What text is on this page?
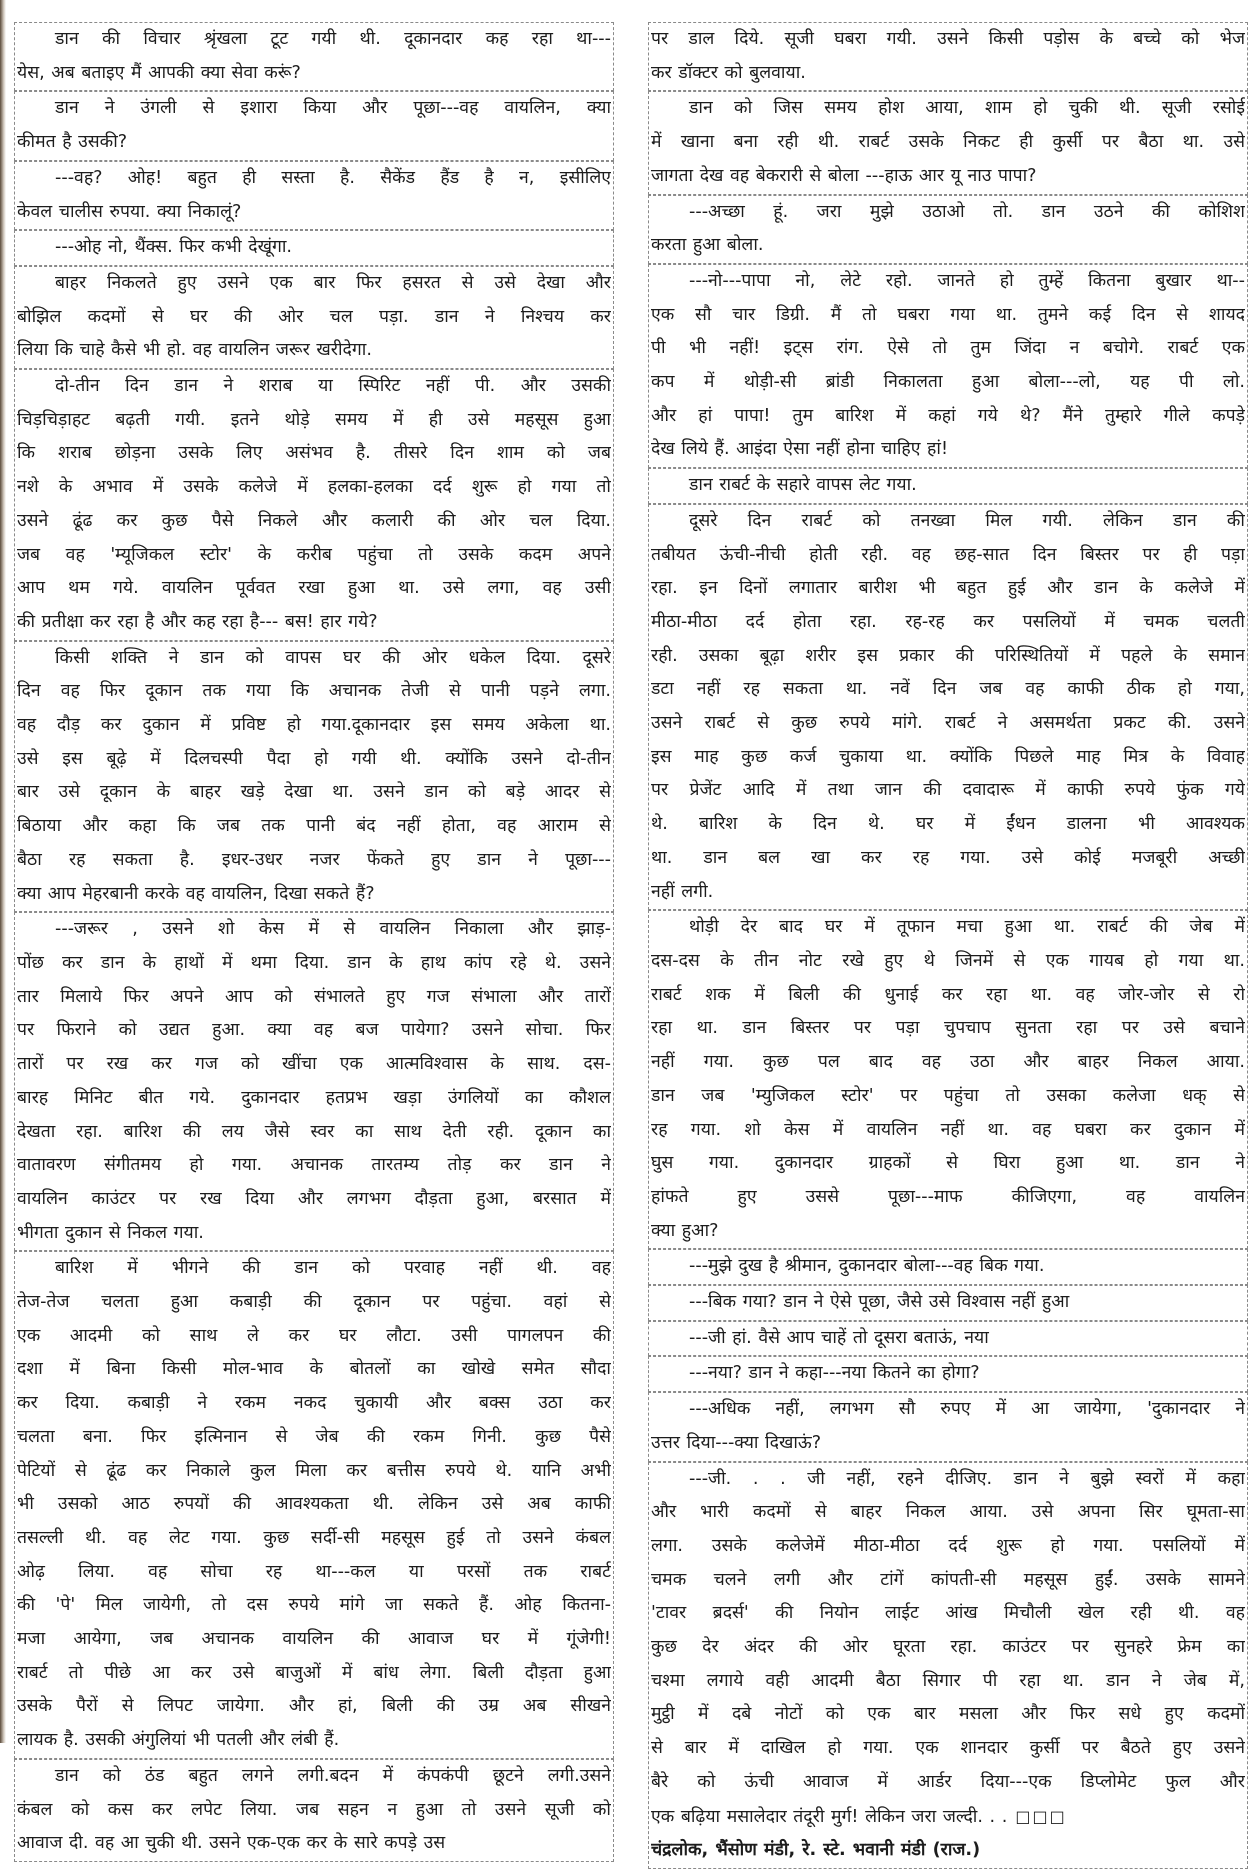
डान की विचार श्रृंखला टूट गयी थी. दूकानदार कह रहा था---
येस, अब बताइए मैं आपकी क्या सेवा करूं?
डान ने उंगली से इशारा किया और पूछा---वह वायलिन, क्या
कीमत है उसकी?
---वह? ओह! बहुत ही सस्ता है. सैकेंड हैंड है न, इसीलिए
केवल चालीस रुपया. क्या निकालूं?
---ओह नो, थैंक्स. फिर कभी देखूंगा.
बाहर निकलते हुए उसने एक बार फिर हसरत से उसे देखा और
बोझिल कदमों से घर की ओर चल पड़ा. डान ने निश्चय कर
लिया कि चाहे कैसे भी हो. वह वायलिन जरूर खरीदेगा.
दो-तीन दिन डान ने शराब या स्पिरिट नहीं पी. और उसकी
चिड़चिड़ाहट बढ़ती गयी. इतने थोड़े समय में ही उसे महसूस हुआ
कि शराब छोड़ना उसके लिए असंभव है. तीसरे दिन शाम को जब
नशे के अभाव में उसके कलेजे में हलका-हलका दर्द शुरू हो गया तो
उसने ढूंढ कर कुछ पैसे निकले और कलारी की ओर चल दिया.
जब वह 'म्यूजिकल स्टोर' के करीब पहुंचा तो उसके कदम अपने
आप थम गये. वायलिन पूर्ववत रखा हुआ था. उसे लगा, वह उसी
की प्रतीक्षा कर रहा है और कह रहा है--- बस! हार गये?
किसी शक्ति ने डान को वापस घर की ओर धकेल दिया. दूसरे
दिन वह फिर दूकान तक गया कि अचानक तेजी से पानी पड़ने लगा.
वह दौड़ कर दुकान में प्रविष्ट हो गया.दूकानदार इस समय अकेला था.
उसे इस बूढ़े में दिलचस्पी पैदा हो गयी थी. क्योंकि उसने दो-तीन
बार उसे दूकान के बाहर खड़े देखा था. उसने डान को बड़े आदर से
बिठाया और कहा कि जब तक पानी बंद नहीं होता, वह आराम से
बैठा रह सकता है. इधर-उधर नजर फेंकते हुए डान ने पूछा---
क्या आप मेहरबानी करके वह वायलिन, दिखा सकते हैं?
---जरूर , उसने शो केस में से वायलिन निकाला और झाड़-
पोंछ कर डान के हाथों में थमा दिया. डान के हाथ कांप रहे थे. उसने
तार मिलाये फिर अपने आप को संभालते हुए गज संभाला और तारों
पर फिराने को उद्यत हुआ. क्या वह बज पायेगा? उसने सोचा. फिर
तारों पर रख कर गज को खींचा एक आत्मविश्वास के साथ. दस-
बारह मिनिट बीत गये. दुकानदार हतप्रभ खड़ा उंगलियों का कौशल
देखता रहा. बारिश की लय जैसे स्वर का साथ देती रही. दूकान का
वातावरण संगीतमय हो गया. अचानक तारतम्य तोड़ कर डान ने
वायलिन काउंटर पर रख दिया और लगभग दौड़ता हुआ, बरसात में
भीगता दुकान से निकल गया.
बारिश में भीगने की डान को परवाह नहीं थी. वह
तेज-तेज चलता हुआ कबाड़ी की दूकान पर पहुंचा. वहां से
एक आदमी को साथ ले कर घर लौटा. उसी पागलपन की
दशा में बिना किसी मोल-भाव के बोतलों का खोखे समेत सौदा
कर दिया. कबाड़ी ने रकम नकद चुकायी और बक्स उठा कर
चलता बना. फिर इत्मिनान से जेब की रकम गिनी. कुछ पैसे
पेटियों से ढूंढ कर निकाले कुल मिला कर बत्तीस रुपये थे. यानि अभी
भी उसको आठ रुपयों की आवश्यकता थी. लेकिन उसे अब काफी
तसल्ली थी. वह लेट गया. कुछ सर्दी-सी महसूस हुई तो उसने कंबल
ओढ़ लिया. वह सोचा रह था---कल या परसों तक राबर्ट
की 'पे' मिल जायेगी, तो दस रुपये मांगे जा सकते हैं. ओह कितना-
मजा आयेगा, जब अचानक वायलिन की आवाज घर में गूंजेगी!
राबर्ट तो पीछे आ कर उसे बाजुओं में बांध लेगा. बिली दौड़ता हुआ
उसके पैरों से लिपट जायेगा. और हां, बिली की उम्र अब सीखने
लायक है. उसकी अंगुलियां भी पतली और लंबी हैं.
डान को ठंड बहुत लगने लगी.बदन में कंपकंपी छूटने लगी.उसने
कंबल को कस कर लपेट लिया. जब सहन न हुआ तो उसने सूजी को
आवाज दी. वह आ चुकी थी. उसने एक-एक कर के सारे कपड़े उस
पर डाल दिये. सूजी घबरा गयी. उसने किसी पड़ोस के बच्चे को भेज
कर डॉक्टर को बुलवाया.
डान को जिस समय होश आया, शाम हो चुकी थी. सूजी रसोई
में खाना बना रही थी. राबर्ट उसके निकट ही कुर्सी पर बैठा था. उसे
जागता देख वह बेकरारी से बोला ---हाऊ आर यू नाउ पापा?
---अच्छा हूं. जरा मुझे उठाओ तो. डान उठने की कोशिश
करता हुआ बोला.
---नो---पापा नो, लेटे रहो. जानते हो तुम्हें कितना बुखार था--
एक सौ चार डिग्री. मैं तो घबरा गया था. तुमने कई दिन से शायद
पी भी नहीं! इट्स रांग. ऐसे तो तुम जिंदा न बचोगे. राबर्ट एक
कप में थोड़ी-सी ब्रांडी निकालता हुआ बोला---लो, यह पी लो.
और हां पापा! तुम बारिश में कहां गये थे? मैंने तुम्हारे गीले कपड़े
देख लिये हैं. आइंदा ऐसा नहीं होना चाहिए हां!
डान राबर्ट के सहारे वापस लेट गया.
दूसरे दिन राबर्ट को तनख्वा मिल गयी. लेकिन डान की
तबीयत ऊंची-नीची होती रही. वह छह-सात दिन बिस्तर पर ही पड़ा
रहा. इन दिनों लगातार बारीश भी बहुत हुई और डान के कलेजे में
मीठा-मीठा दर्द होता रहा. रह-रह कर पसलियों में चमक चलती
रही. उसका बूढ़ा शरीर इस प्रकार की परिस्थितियों में पहले के समान
डटा नहीं रह सकता था. नवें दिन जब वह काफी ठीक हो गया,
उसने राबर्ट से कुछ रुपये मांगे. राबर्ट ने असमर्थता प्रकट की. उसने
इस माह कुछ कर्ज चुकाया था. क्योंकि पिछले माह मित्र के विवाह
पर प्रेजेंट आदि में तथा जान की दवादारू में काफी रुपये फुंक गये
थे. बारिश के दिन थे. घर में ईंधन डालना भी आवश्यक
था. डान बल खा कर रह गया. उसे कोई मजबूरी अच्छी
नहीं लगी.
थोड़ी देर बाद घर में तूफान मचा हुआ था. राबर्ट की जेब में
दस-दस के तीन नोट रखे हुए थे जिनमें से एक गायब हो गया था.
राबर्ट शक में बिली की धुनाई कर रहा था. वह जोर-जोर से रो
रहा था. डान बिस्तर पर पड़ा चुपचाप सुनता रहा पर उसे बचाने
नहीं गया. कुछ पल बाद वह उठा और बाहर निकल आया.
डान जब 'म्युजिकल स्टोर' पर पहुंचा तो उसका कलेजा धक् से
रह गया. शो केस में वायलिन नहीं था. वह घबरा कर दुकान में
घुस गया. दुकानदार ग्राहकों से घिरा हुआ था. डान ने
हांफते हुए उससे पूछा---माफ कीजिएगा, वह वायलिन
क्या हुआ?
---मुझे दुख है श्रीमान, दुकानदार बोला---वह बिक गया.
---बिक गया? डान ने ऐसे पूछा, जैसे उसे विश्वास नहीं हुआ
---जी हां. वैसे आप चाहें तो दूसरा बताऊं, नया
---नया? डान ने कहा---नया कितने का होगा?
---अधिक नहीं, लगभग सौ रुपए में आ जायेगा, 'दुकानदार ने
उत्तर दिया---क्या दिखाऊं?
---जी. . . जी नहीं, रहने दीजिए. डान ने बुझे स्वरों में कहा
और भारी कदमों से बाहर निकल आया. उसे अपना सिर घूमता-सा
लगा. उसके कलेजेमें मीठा-मीठा दर्द शुरू हो गया. पसलियों में
चमक चलने लगी और टांगें कांपती-सी महसूस हुईं. उसके सामने
'टावर ब्रदर्स' की नियोन लाईट आंख मिचौली खेल रही थी. वह
कुछ देर अंदर की ओर घूरता रहा. काउंटर पर सुनहरे फ्रेम का
चश्मा लगाये वही आदमी बैठा सिगार पी रहा था. डान ने जेब में,
मुट्ठी में दबे नोटों को एक बार मसला और फिर सधे हुए कदमों
से बार में दाखिल हो गया. एक शानदार कुर्सी पर बैठते हुए उसने
बैरे को ऊंची आवाज में आर्डर दिया---एक डिप्लोमेट फुल और
एक बढ़िया मसालेदार तंदूरी मुर्ग! लेकिन जरा जल्दी. . . □□□
चंद्रलोक, भैंसोण मंडी, रे. स्टे. भवानी मंडी (राज.)
